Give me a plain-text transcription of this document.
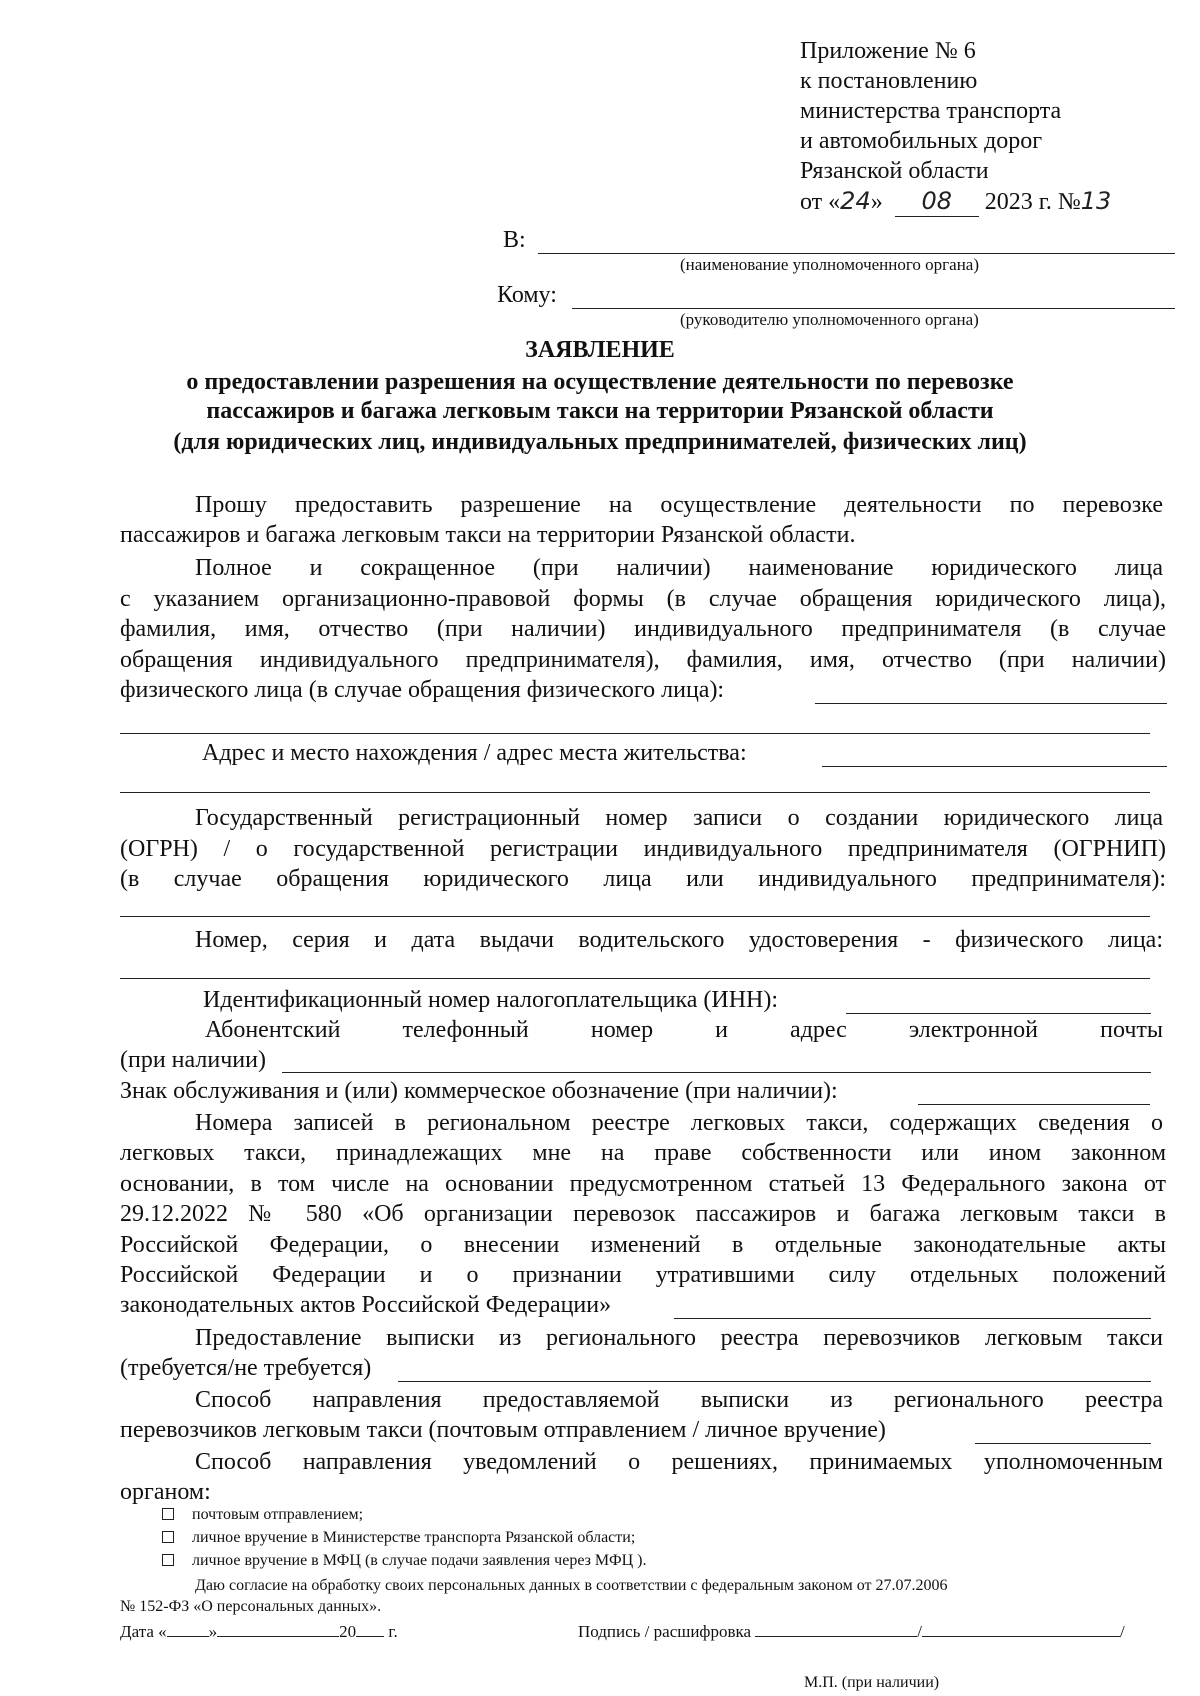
Приложение № 6
к постановлению
министерства транспорта
и автомобильных дорог
Рязанской области
от «24» 08 2023 г. №13
В:
(наименование уполномоченного органа)
Кому:
(руководителю уполномоченного органа)
ЗАЯВЛЕНИЕ
о предоставлении разрешения на осуществление деятельности по перевозке
пассажиров и багажа легковым такси на территории Рязанской области
(для юридических лиц, индивидуальных предпринимателей, физических лиц)
Прошу предоставить разрешение на осуществление деятельности по перевозке
пассажиров и багажа легковым такси на территории Рязанской области.
Полное и сокращенное (при наличии) наименование юридического лица
с указанием организационно-правовой формы (в случае обращения юридического лица),
фамилия, имя, отчество (при наличии) индивидуального предпринимателя (в случае
обращения индивидуального предпринимателя), фамилия, имя, отчество (при наличии)
физического лица (в случае обращения физического лица):
Адрес и место нахождения / адрес места жительства:
Государственный регистрационный номер записи о создании юридического лица
(ОГРН) / о государственной регистрации индивидуального предпринимателя (ОГРНИП)
(в случае обращения юридического лица или индивидуального предпринимателя):
Номер, серия и дата выдачи водительского удостоверения - физического лица:
Идентификационный номер налогоплательщика (ИНН):
Абонентский телефонный номер и адрес электронной почты
(при наличии)
Знак обслуживания и (или) коммерческое обозначение (при наличии):
Номера записей в региональном реестре легковых такси, содержащих сведения о
легковых такси, принадлежащих мне на праве собственности или ином законном
основании, в том числе на основании предусмотренном статьей 13 Федерального закона от
29.12.2022 № 580 «Об организации перевозок пассажиров и багажа легковым такси в
Российской Федерации, о внесении изменений в отдельные законодательные акты
Российской Федерации и о признании утратившими силу отдельных положений
законодательных актов Российской Федерации»
Предоставление выписки из регионального реестра перевозчиков легковым такси
(требуется/не требуется)
Способ направления предоставляемой выписки из регионального реестра
перевозчиков легковым такси (почтовым отправлением / личное вручение)
Способ направления уведомлений о решениях, принимаемых уполномоченным
органом:
почтовым отправлением;
личное вручение в Министерстве транспорта Рязанской области;
личное вручение в МФЦ (в случае подачи заявления через МФЦ ).
Даю согласие на обработку своих персональных данных в соответствии с федеральным законом от 27.07.2006
№ 152-ФЗ «О персональных данных».
Дата « »	20 г.	Подпись / расшифровка	/	/
М.П. (при наличии)
